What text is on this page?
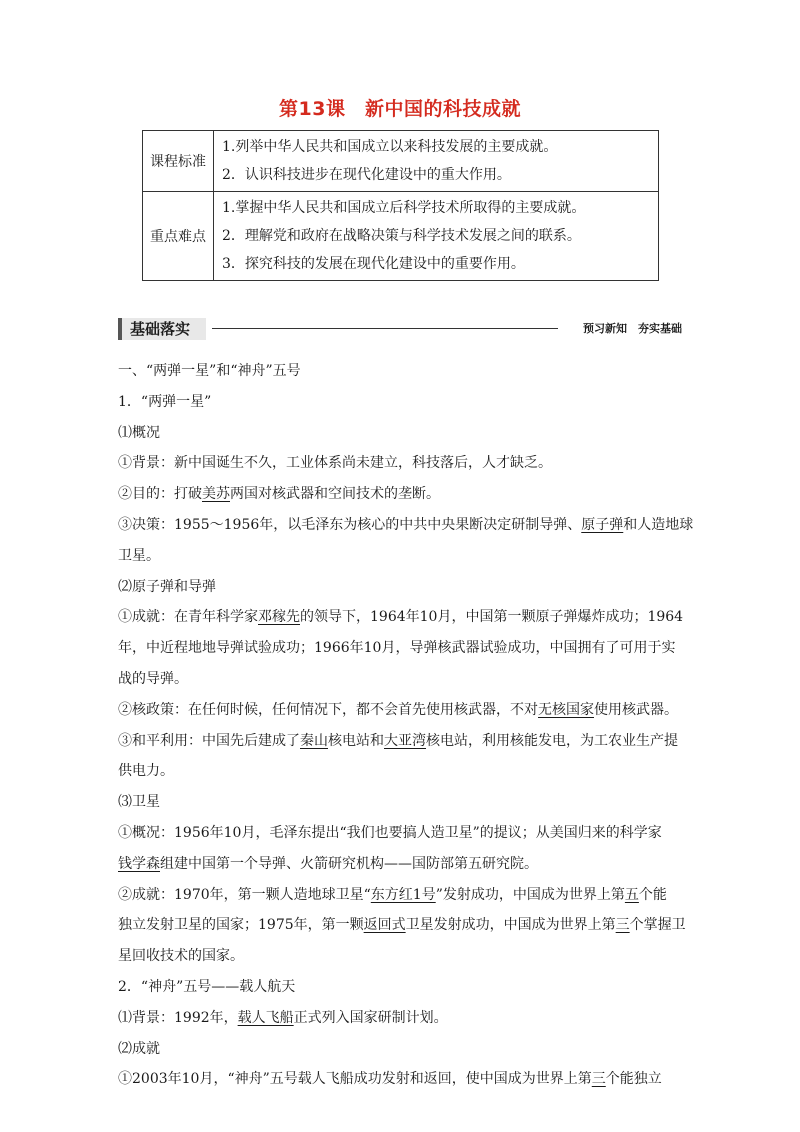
第13课　新中国的科技成就
课程标准	1.列举中华人民共和国成立以来科技发展的主要成就。
2．认识科技进步在现代化建设中的重大作用。

重点难点	1.掌握中华人民共和国成立后科学技术所取得的主要成就。
2．理解党和政府在战略决策与科学技术发展之间的联系。
3．探究科技的发展在现代化建设中的重要作用。
基础落实	预习新知　夯实基础

一、“两弹一星”和“神舟”五号

1．“两弹一星”

⑴概况

①背景：新中国诞生不久，工业体系尚未建立，科技落后，人才缺乏。

②目的：打破美苏两国对核武器和空间技术的垄断。

③决策：1955～1956年，以毛泽东为核心的中共中央果断决定研制导弹、原子弹和人造地球

卫星。

⑵原子弹和导弹

①成就：在青年科学家邓稼先的领导下，1964年10月，中国第一颗原子弹爆炸成功；1964

年，中近程地地导弹试验成功；1966年10月，导弹核武器试验成功，中国拥有了可用于实

战的导弹。

②核政策：在任何时候，任何情况下，都不会首先使用核武器，不对无核国家使用核武器。

③和平利用：中国先后建成了秦山核电站和大亚湾核电站，利用核能发电，为工农业生产提

供电力。

⑶卫星

①概况：1956年10月，毛泽东提出“我们也要搞人造卫星”的提议；从美国归来的科学家

钱学森组建中国第一个导弹、火箭研究机构——国防部第五研究院。

②成就：1970年，第一颗人造地球卫星“东方红1号”发射成功，中国成为世界上第五个能

独立发射卫星的国家；1975年，第一颗返回式卫星发射成功，中国成为世界上第三个掌握卫

星回收技术的国家。

2．“神舟”五号——载人航天

⑴背景：1992年，载人飞船正式列入国家研制计划。

⑵成就

①2003年10月，“神舟”五号载人飞船成功发射和返回，使中国成为世界上第三个能独立
